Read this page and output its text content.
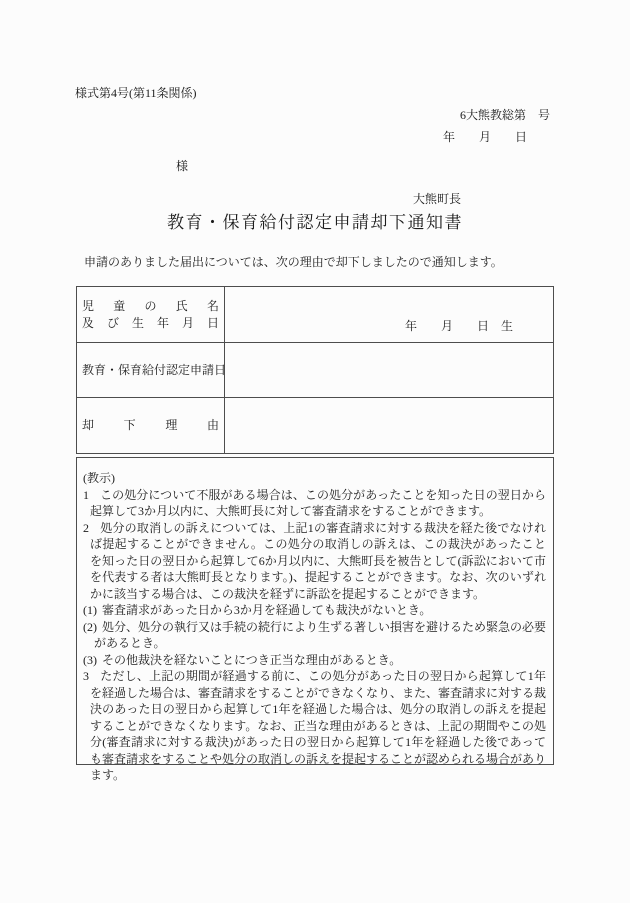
様式第4号(第11条関係)
6大熊教総第　号
年　　月　　日
様
大熊町長
教育・保育給付認定申請却下通知書
申請のありました届出については、次の理由で却下しましたので通知します。
児童の氏名
及び生年月日	年　　月　　日　生
教育・保育給付認定申請日
却下理由

(教示)

1 この処分について不服がある場合は、この処分があったことを知った日の翌日から起算して3か月以内に、大熊町長に対して審査請求をすることができます。

2 処分の取消しの訴えについては、上記1の審査請求に対する裁決を経た後でなければ提起することができません。この処分の取消しの訴えは、この裁決があったことを知った日の翌日から起算して6か月以内に、大熊町長を被告として(訴訟において市を代表する者は大熊町長となります。)、提起することができます。なお、次のいずれかに該当する場合は、この裁決を経ずに訴訟を提起することができます。

(1) 審査請求があった日から3か月を経過しても裁決がないとき。

(2) 処分、処分の執行又は手続の続行により生ずる著しい損害を避けるため緊急の必要があるとき。

(3) その他裁決を経ないことにつき正当な理由があるとき。

3 ただし、上記の期間が経過する前に、この処分があった日の翌日から起算して1年を経過した場合は、審査請求をすることができなくなり、また、審査請求に対する裁決のあった日の翌日から起算して1年を経過した場合は、処分の取消しの訴えを提起することができなくなります。なお、正当な理由があるときは、上記の期間やこの処分(審査請求に対する裁決)があった日の翌日から起算して1年を経過した後であっても審査請求をすることや処分の取消しの訴えを提起することが認められる場合があります。
